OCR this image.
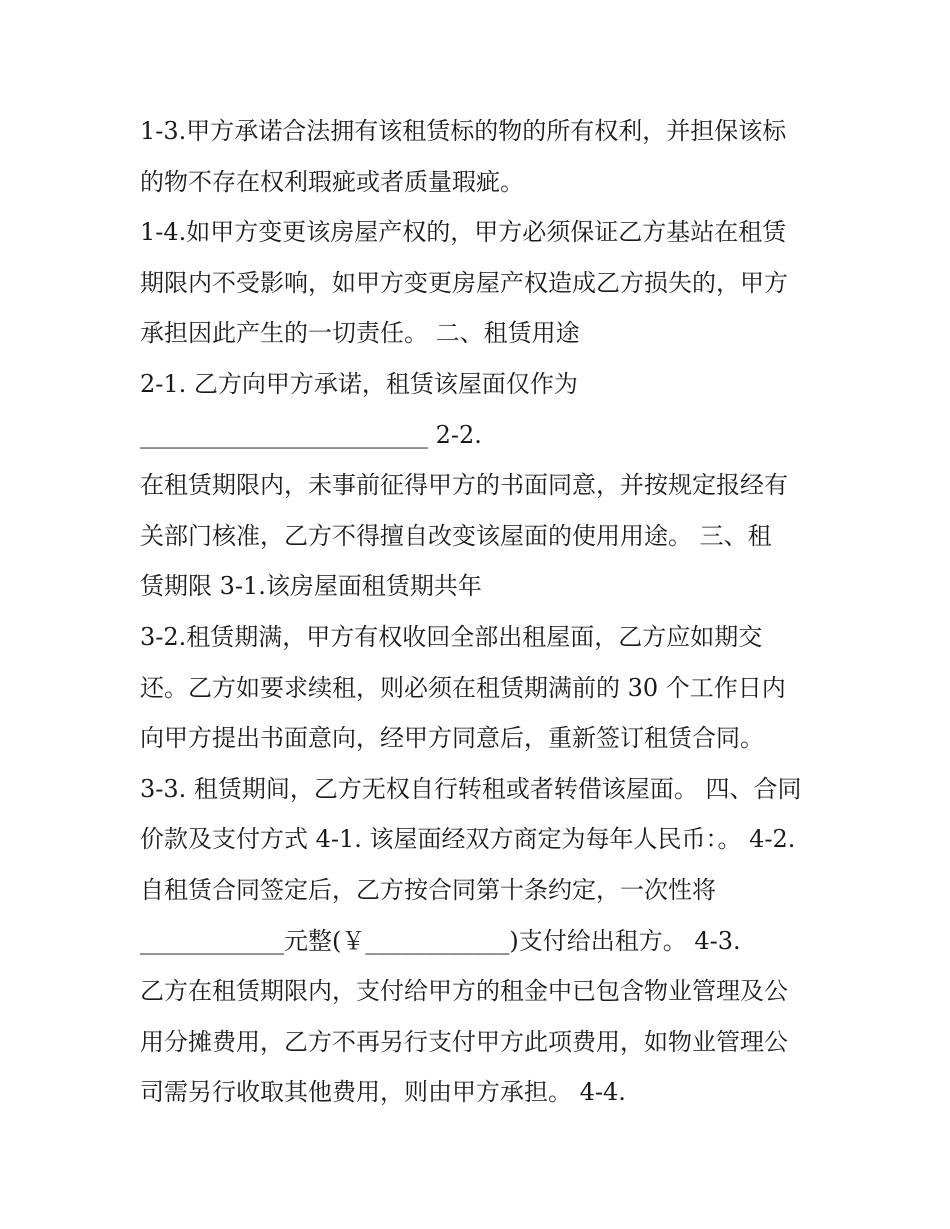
1-3.甲方承诺合法拥有该租赁标的物的所有权利，并担保该标
的物不存在权利瑕疵或者质量瑕疵。
1-4.如甲方变更该房屋产权的，甲方必须保证乙方基站在租赁
期限内不受影响，如甲方变更房屋产权造成乙方损失的，甲方
承担因此产生的一切责任。 二、租赁用途
2-1. 乙方向甲方承诺，租赁该屋面仅作为
________________________ 2-2.
在租赁期限内，未事前征得甲方的书面同意，并按规定报经有
关部门核准，乙方不得擅自改变该屋面的使用用途。 三、租
赁期限 3-1.该房屋面租赁期共年
3-2.租赁期满，甲方有权收回全部出租屋面，乙方应如期交
还。乙方如要求续租，则必须在租赁期满前的 30 个工作日内
向甲方提出书面意向，经甲方同意后，重新签订租赁合同。
3-3. 租赁期间，乙方无权自行转租或者转借该屋面。 四、合同
价款及支付方式 4-1. 该屋面经双方商定为每年人民币：。 4-2.
自租赁合同签定后，乙方按合同第十条约定，一次性将
____________元整(￥____________)支付给出租方。 4-3.
乙方在租赁期限内，支付给甲方的租金中已包含物业管理及公
用分摊费用，乙方不再另行支付甲方此项费用，如物业管理公
司需另行收取其他费用，则由甲方承担。 4-4.
